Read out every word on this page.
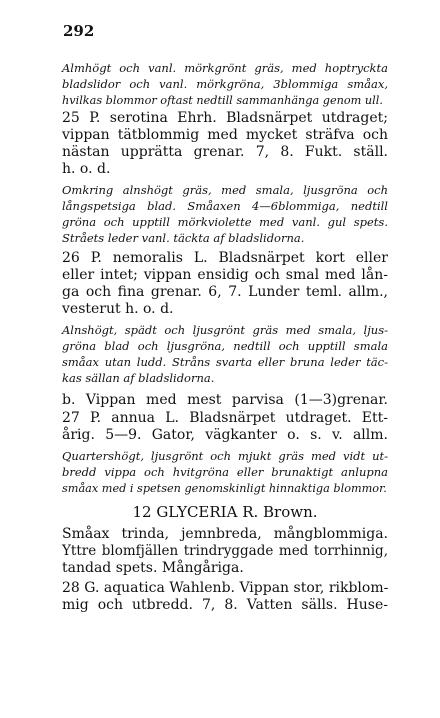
292

Almhögt och vanl. mörkgrönt gräs, med hoptryckta

bladslidor och vanl. mörkgröna, 3blommiga småax,

hvilkas blommor oftast nedtill sammanhänga genom ull.

25 P. serotina Ehrh. Bladsnärpet utdraget;

vippan tätblommig med mycket sträfva och

nästan upprätta grenar. 7, 8. Fukt. ställ.

h. o. d.

Omkring alnshögt gräs, med smala, ljusgröna och

långspetsiga blad. Småaxen 4—6blommiga, nedtill

gröna och upptill mörkviolette med vanl. gul spets.

Stråets leder vanl. täckta af bladslidorna.

26 P. nemoralis L. Bladsnärpet kort eller

eller intet; vippan ensidig och smal med lån-

ga och fina grenar. 6, 7. Lunder teml. allm.,

vesterut h. o. d.

Alnshögt, spädt och ljusgrönt gräs med smala, ljus-

gröna blad och ljusgröna, nedtill och upptill smala

småax utan ludd. Stråns svarta eller bruna leder täc-

kas sällan af bladslidorna.

b. Vippan med mest parvisa (1—3)grenar.

27 P. annua L. Bladsnärpet utdraget. Ett-

årig. 5—9. Gator, vägkanter o. s. v. allm.

Quartershögt, ljusgrönt och mjukt gräs med vidt ut-

bredd vippa och hvitgröna eller brunaktigt anlupna

småax med i spetsen genomskinligt hinnaktiga blommor.

12 GLYCERIA R. Brown.

Småax trinda, jemnbreda, mångblommiga.

Yttre blomfjällen trindryggade med torrhinnig,

tandad spets. Mångåriga.

28 G. aquatica Wahlenb. Vippan stor, rikblom-

mig och utbredd. 7, 8. Vatten sälls. Huse-
